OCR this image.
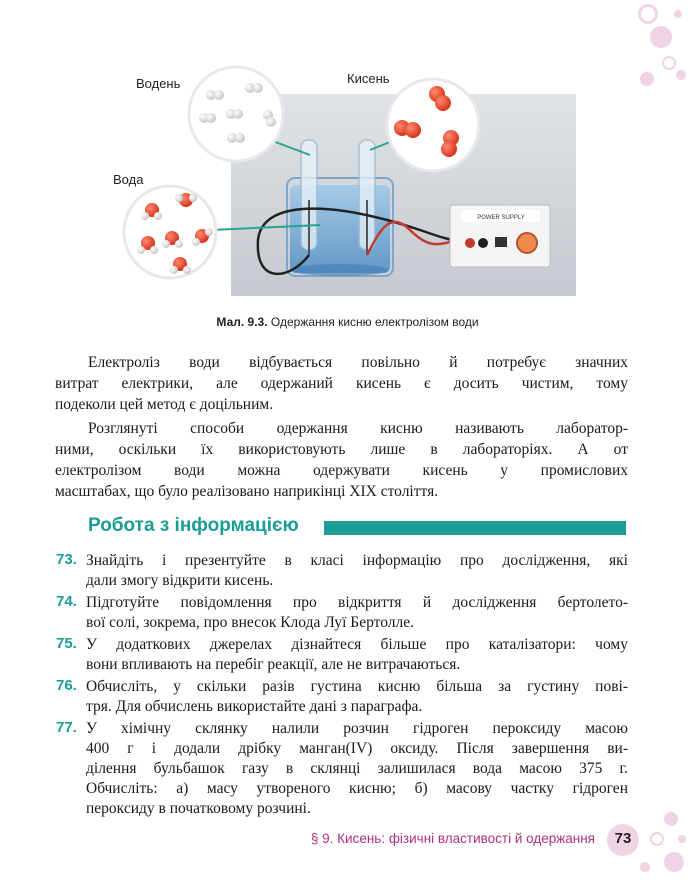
POWER SUPPLY
Водень	Кисень
Вода
Мал. 9.3. Одержання кисню електролізом води
Електроліз води відбувається повільно й потребує значних
витрат електрики, але одержаний кисень є досить чистим, тому
подеколи цей метод є доцільним.
Розглянуті способи одержання кисню називають лаборатор-
ними, оскільки їх використовують лише в лабораторіях. А от
електролізом води можна одержувати кисень у промислових
масштабах, що було реалізовано наприкінці XIX століття.
Робота з інформацією
73. Знайдіть і презентуйте в класі інформацію про дослідження, які
дали змогу відкрити кисень.
74. Підготуйте повідомлення про відкриття й дослідження бертолето-
вої солі, зокрема, про внесок Клода Луї Бертолле.
75. У додаткових джерелах дізнайтеся більше про каталізатори: чому
вони впливають на перебіг реакції, але не витрачаються.
76. Обчисліть, у скільки разів густина кисню більша за густину пові-
тря. Для обчислень використайте дані з параграфа.
77. У хімічну склянку налили розчин гідроген пероксиду масою
400 г і додали дрібку манган(IV) оксиду. Після завершення ви-
ділення бульбашок газу в склянці залишилася вода масою 375 г.
Обчисліть: а) масу утвореного кисню; б) масову частку гідроген
пероксиду в початковому розчині.
§ 9. Кисень: фізичні властивості й одержання	73
